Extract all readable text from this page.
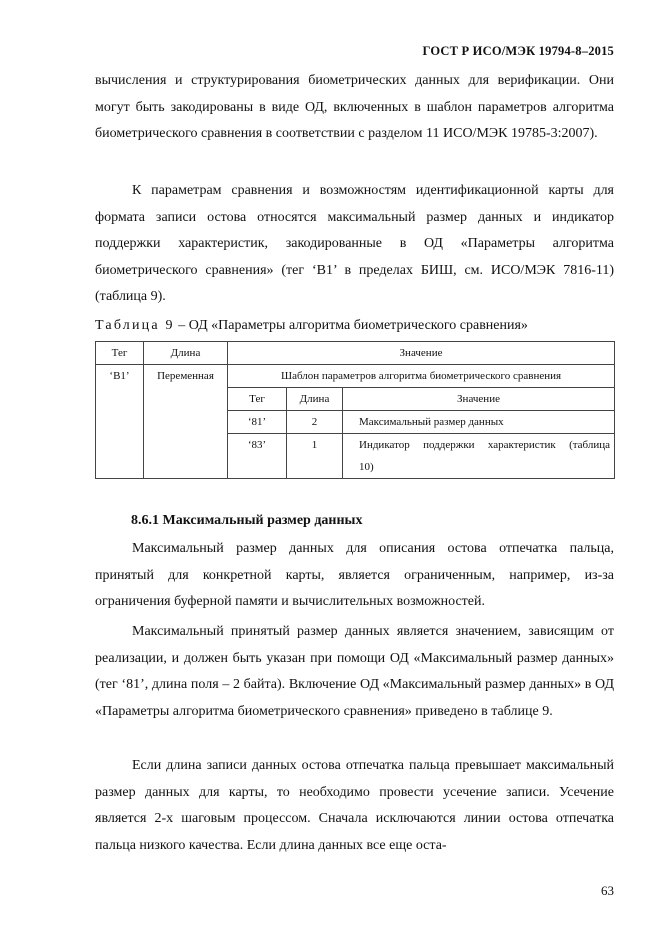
ГОСТ Р ИСО/МЭК 19794-8–2015
вычисления и структурирования биометрических данных для верификации. Они могут быть закодированы в виде ОД, включенных в шаблон параметров алгоритма биометрического сравнения в соответствии с разделом 11 ИСО/МЭК 19785-3:2007).
К параметрам сравнения и возможностям идентификационной карты для формата записи остова относятся максимальный размер данных и индикатор поддержки характеристик, закодированные в ОД «Параметры алгоритма биометрического сравнения» (тег ‘B1’ в пределах БИШ, см. ИСО/МЭК 7816-11) (таблица 9).
Таблица 9 – ОД «Параметры алгоритма биометрического сравнения»
Тег	Длина	Значение		
‘B1’	Переменная	Шаблон параметров алгоритма биометрического сравнения		
		Тег	Длина	Значение
		‘81’	2	Максимальный размер данных
		‘83’	1	Индикатор поддержки характеристик (таблица 10)
8.6.1 Максимальный размер данных
Максимальный размер данных для описания остова отпечатка пальца, принятый для конкретной карты, является ограниченным, например, из-за ограничения буферной памяти и вычислительных возможностей.
Максимальный принятый размер данных является значением, зависящим от реализации, и должен быть указан при помощи ОД «Максимальный размер данных» (тег ‘81’, длина поля – 2 байта). Включение ОД «Максимальный размер данных» в ОД «Параметры алгоритма биометрического сравнения» приведено в таблице 9.
Если длина записи данных остова отпечатка пальца превышает максимальный размер данных для карты, то необходимо провести усечение записи. Усечение является 2-х шаговым процессом. Сначала исключаются линии остова отпечатка пальца низкого качества. Если длина данных все еще оста-
63
